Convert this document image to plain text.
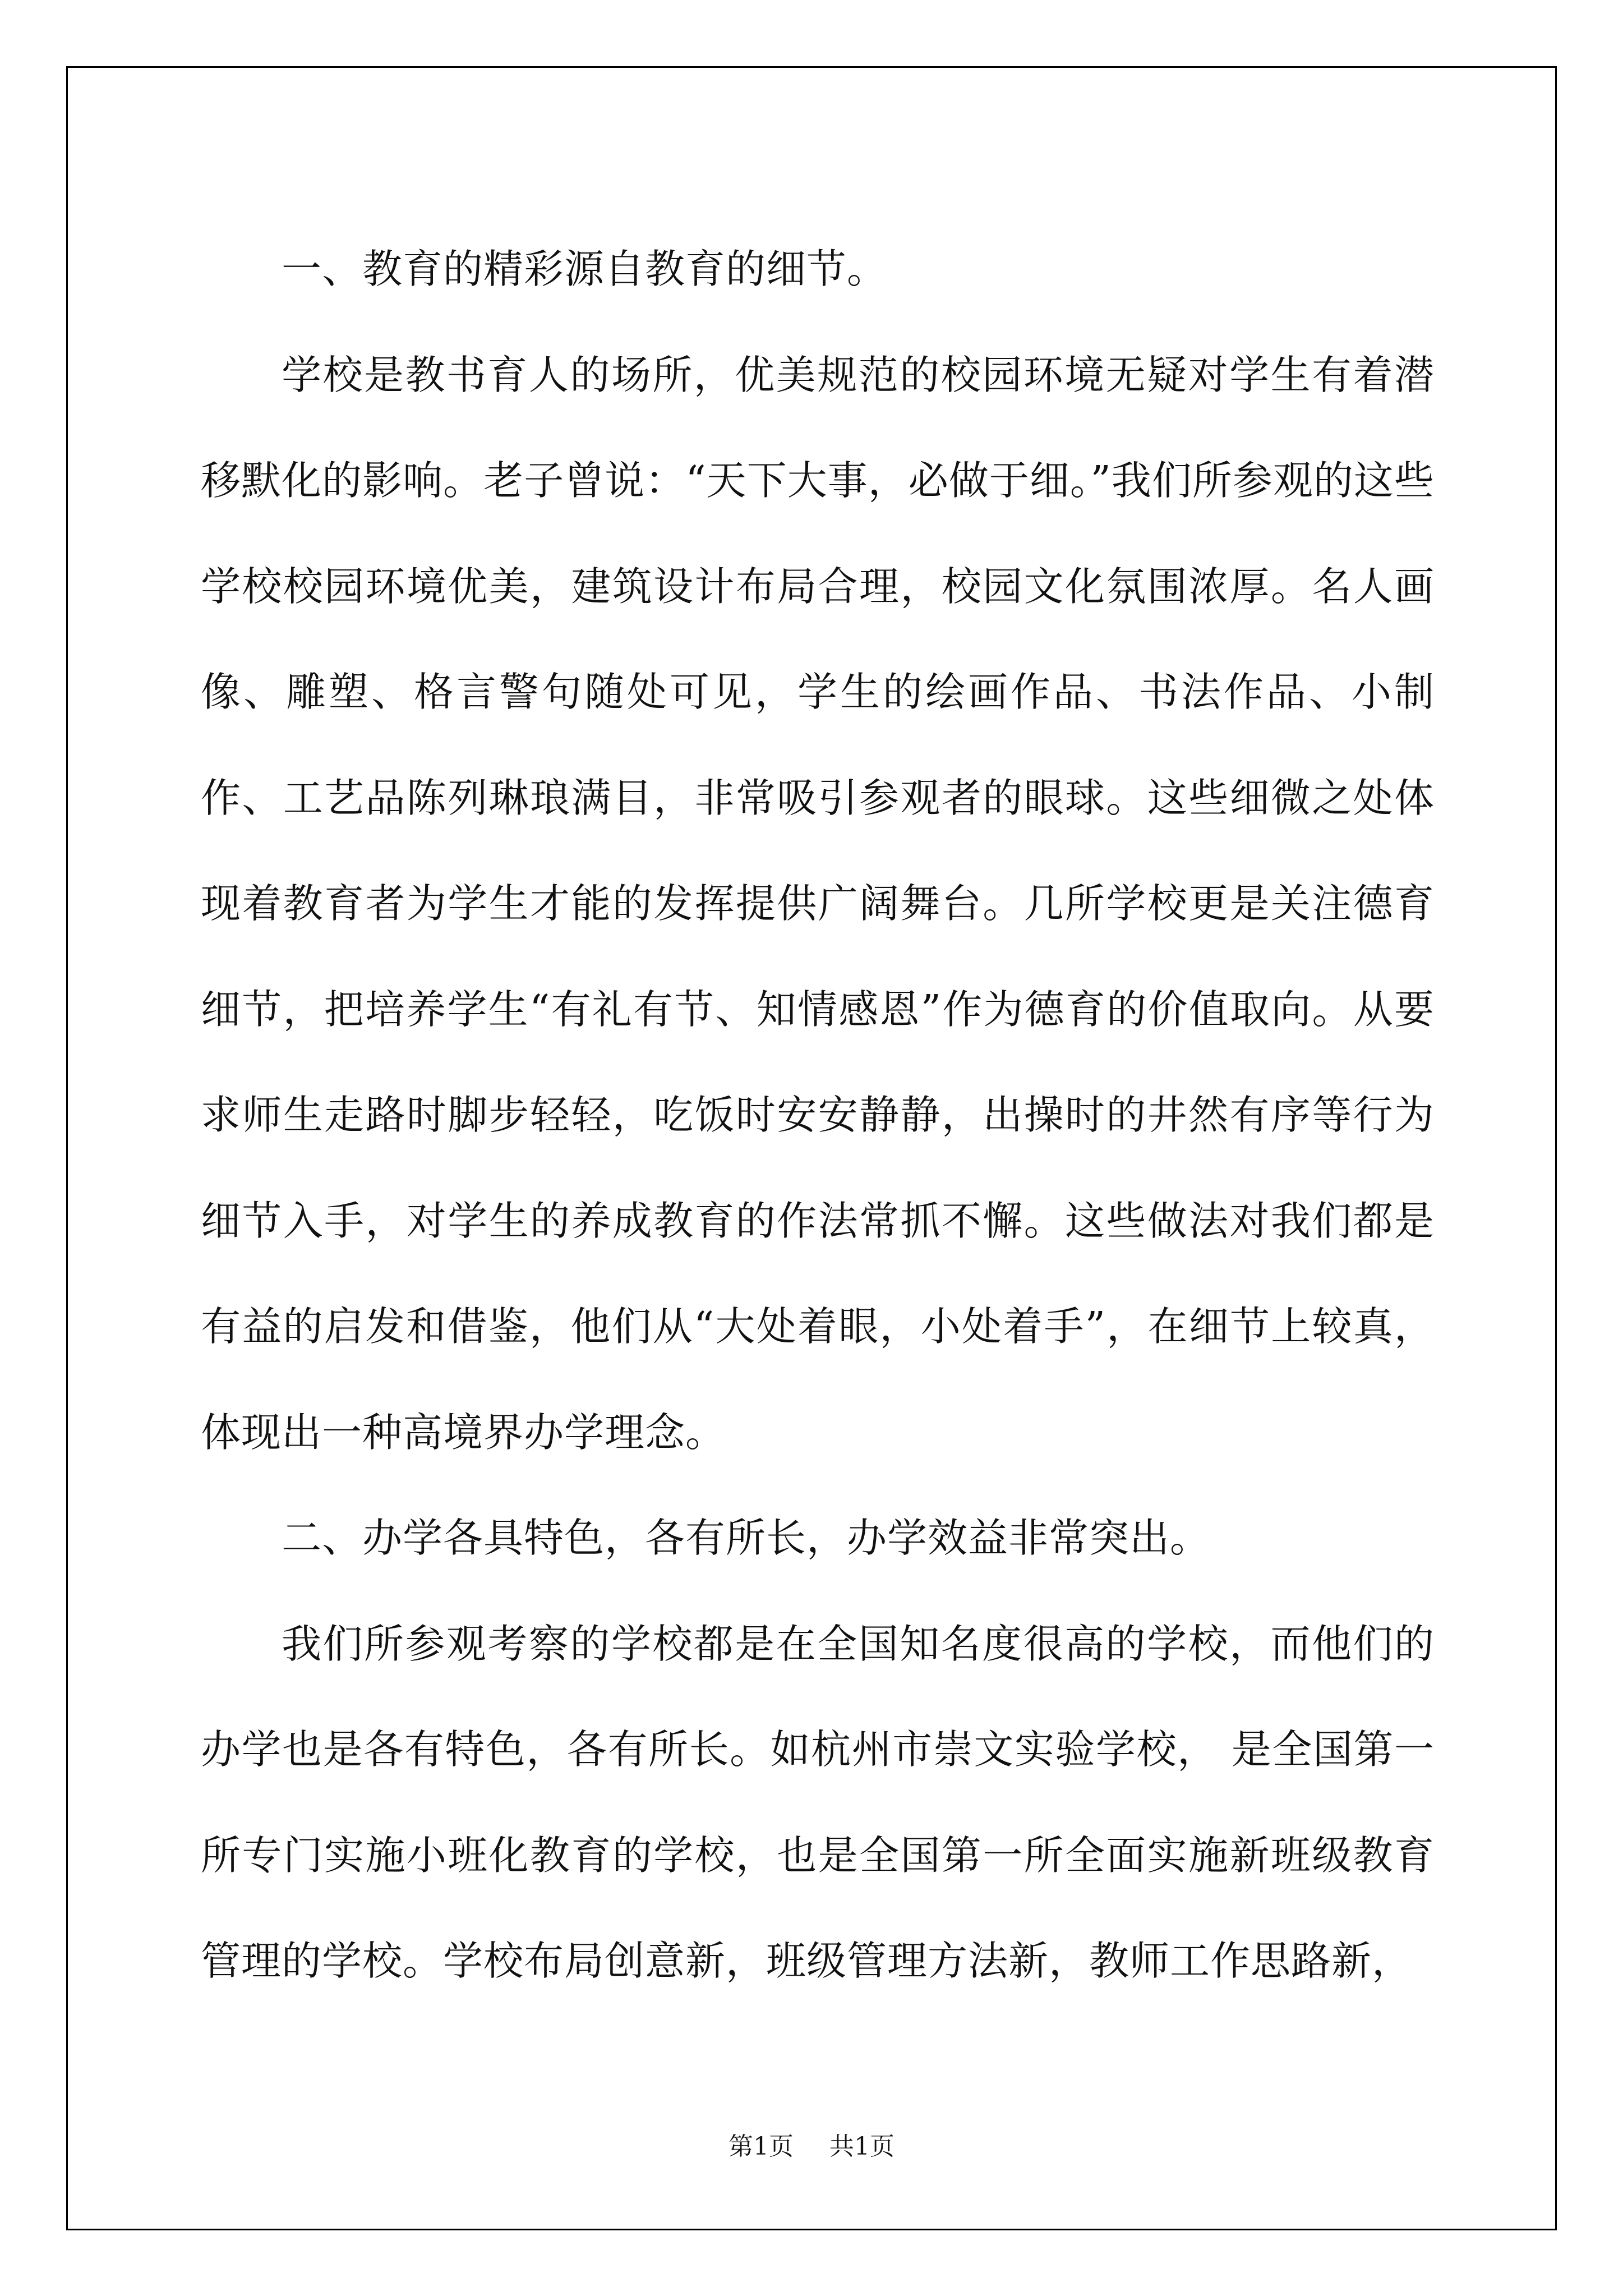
一、教育的精彩源自教育的细节。

学校是教书育人的场所，优美规范的校园环境无疑对学生有着潜移默化的影响。老子曾说：“天下大事，必做于细。”我们所参观的这些学校校园环境优美，建筑设计布局合理，校园文化氛围浓厚。名人画像、雕塑、格言警句随处可见，学生的绘画作品、书法作品、小制作、工艺品陈列琳琅满目，非常吸引参观者的眼球。这些细微之处体现着教育者为学生才能的发挥提供广阔舞台。几所学校更是关注德育细节，把培养学生“有礼有节、知情感恩”作为德育的价值取向。从要求师生走路时脚步轻轻，吃饭时安安静静，出操时的井然有序等行为细节入手，对学生的养成教育的作法常抓不懈。这些做法对我们都是有益的启发和借鉴，他们从“大处着眼，小处着手”，在细节上较真，体现出一种高境界办学理念。

二、办学各具特色，各有所长，办学效益非常突出。

我们所参观考察的学校都是在全国知名度很高的学校，而他们的办学也是各有特色，各有所长。如杭州市崇文实验学校， 是全国第一所专门实施小班化教育的学校，也是全国第一所全面实施新班级教育管理的学校。学校布局创意新，班级管理方法新，教师工作思路新，

第1页 共1页
